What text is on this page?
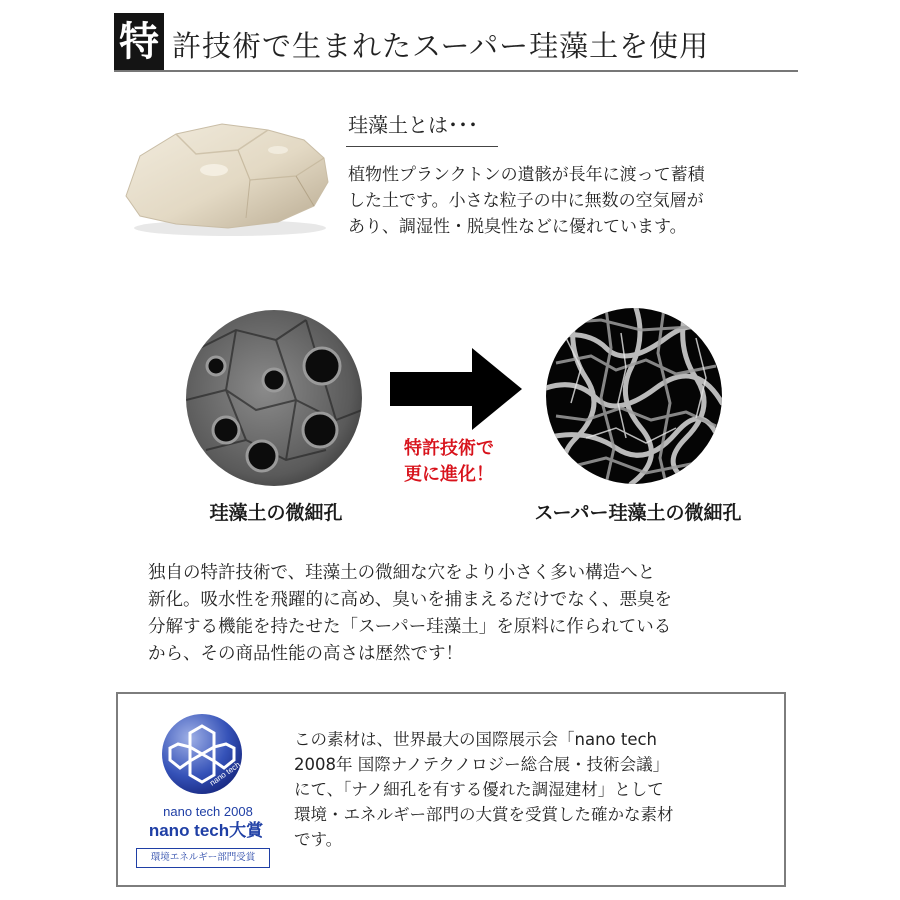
特 許技術で生まれたスーパー珪藻土を使用
珪藻土とは･･･
植物性プランクトンの遺骸が長年に渡って蓄積
した土です。小さな粒子の中に無数の空気層が
あり、調湿性・脱臭性などに優れています。
特許技術で
更に進化！
珪藻土の微細孔	スーパー珪藻土の微細孔
独自の特許技術で、珪藻土の微細な穴をより小さく多い構造へと
新化。吸水性を飛躍的に高め、臭いを捕まえるだけでなく、悪臭を
分解する機能を持たせた「スーパー珪藻土」を原料に作られている
から、その商品性能の高さは歴然です！
nano tech
nano tech 2008
nano tech大賞
環境エネルギー部門受賞
この素材は、世界最大の国際展示会「nano tech
2008年 国際ナノテクノロジー総合展・技術会議」
にて、「ナノ細孔を有する優れた調湿建材」として
環境・エネルギー部門の大賞を受賞した確かな素材
です。
